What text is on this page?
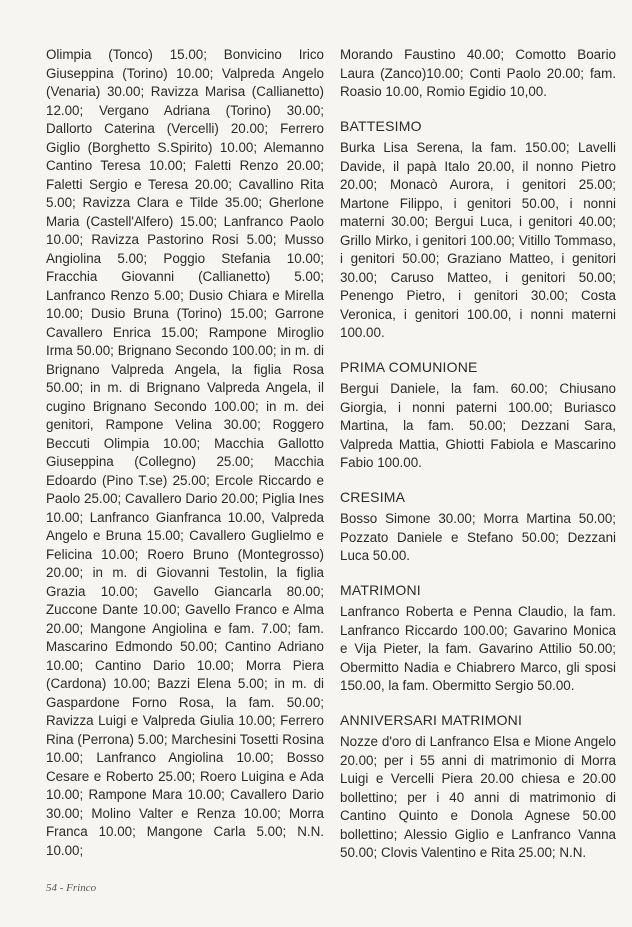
Olimpia (Tonco) 15.00; Bonvicino Irico Giuseppina (Torino) 10.00; Valpreda Angelo (Venaria) 30.00; Ravizza Marisa (Callianetto) 12.00; Vergano Adriana (Torino) 30.00; Dallorto Caterina (Vercelli) 20.00; Ferrero Giglio (Borghetto S.Spirito) 10.00; Alemanno Cantino Teresa 10.00; Faletti Renzo 20.00; Faletti Sergio e Teresa 20.00; Cavallino Rita 5.00; Ravizza Clara e Tilde 35.00; Gherlone Maria (Castell'Alfero) 15.00; Lanfranco Paolo 10.00; Ravizza Pastorino Rosi 5.00; Musso Angiolina 5.00; Poggio Stefania 10.00; Fracchia Giovanni (Callianetto) 5.00; Lanfranco Renzo 5.00; Dusio Chiara e Mirella 10.00; Dusio Bruna (Torino) 15.00; Garrone Cavallero Enrica 15.00; Rampone Miroglio Irma 50.00; Brignano Secondo 100.00; in m. di Brignano Valpreda Angela, la figlia Rosa 50.00; in m. di Brignano Valpreda Angela, il cugino Brignano Secondo 100.00; in m. dei genitori, Rampone Velina 30.00; Roggero Beccuti Olimpia 10.00; Macchia Gallotto Giuseppina (Collegno) 25.00; Macchia Edoardo (Pino T.se) 25.00; Ercole Riccardo e Paolo 25.00; Cavallero Dario 20.00; Piglia Ines 10.00; Lanfranco Gianfranca 10.00, Valpreda Angelo e Bruna 15.00; Cavallero Guglielmo e Felicina 10.00; Roero Bruno (Montegrosso) 20.00; in m. di Giovanni Testolin, la figlia Grazia 10.00; Gavello Giancarla 80.00; Zuccone Dante 10.00; Gavello Franco e Alma 20.00; Mangone Angiolina e fam. 7.00; fam. Mascarino Edmondo 50.00; Cantino Adriano 10.00; Cantino Dario 10.00; Morra Piera (Cardona) 10.00; Bazzi Elena 5.00; in m. di Gaspardone Forno Rosa, la fam. 50.00; Ravizza Luigi e Valpreda Giulia 10.00; Ferrero Rina (Perrona) 5.00; Marchesini Tosetti Rosina 10.00; Lanfranco Angiolina 10.00; Bosso Cesare e Roberto 25.00; Roero Luigina e Ada 10.00; Rampone Mara 10.00; Cavallero Dario 30.00; Molino Valter e Renza 10.00; Morra Franca 10.00; Mangone Carla 5.00; N.N. 10.00;

Morando Faustino 40.00; Comotto Boario Laura (Zanco)10.00; Conti Paolo 20.00; fam. Roasio 10.00, Romio Egidio 10,00.

BATTESIMO

Burka Lisa Serena, la fam. 150.00; Lavelli Davide, il papà Italo 20.00, il nonno Pietro 20.00; Monacò Aurora, i genitori 25.00; Martone Filippo, i genitori 50.00, i nonni materni 30.00; Bergui Luca, i genitori 40.00; Grillo Mirko, i genitori 100.00; Vitillo Tommaso, i genitori 50.00; Graziano Matteo, i genitori 30.00; Caruso Matteo, i genitori 50.00; Penengo Pietro, i genitori 30.00; Costa Veronica, i genitori 100.00, i nonni materni 100.00.

PRIMA COMUNIONE

Bergui Daniele, la fam. 60.00; Chiusano Giorgia, i nonni paterni 100.00; Buriasco Martina, la fam. 50.00; Dezzani Sara, Valpreda Mattia, Ghiotti Fabiola e Mascarino Fabio 100.00.

CRESIMA

Bosso Simone 30.00; Morra Martina 50.00; Pozzato Daniele e Stefano 50.00; Dezzani Luca 50.00.

MATRIMONI

Lanfranco Roberta e Penna Claudio, la fam. Lanfranco Riccardo 100.00; Gavarino Monica e Vija Pieter, la fam. Gavarino Attilio 50.00; Obermitto Nadia e Chiabrero Marco, gli sposi 150.00, la fam. Obermitto Sergio 50.00.

ANNIVERSARI MATRIMONI

Nozze d'oro di Lanfranco Elsa e Mione Angelo 20.00; per i 55 anni di matrimonio di Morra Luigi e Vercelli Piera 20.00 chiesa e 20.00 bollettino; per i 40 anni di matrimonio di Cantino Quinto e Donola Agnese 50.00 bollettino; Alessio Giglio e Lanfranco Vanna 50.00; Clovis Valentino e Rita 25.00; N.N.

54 - Frinco
